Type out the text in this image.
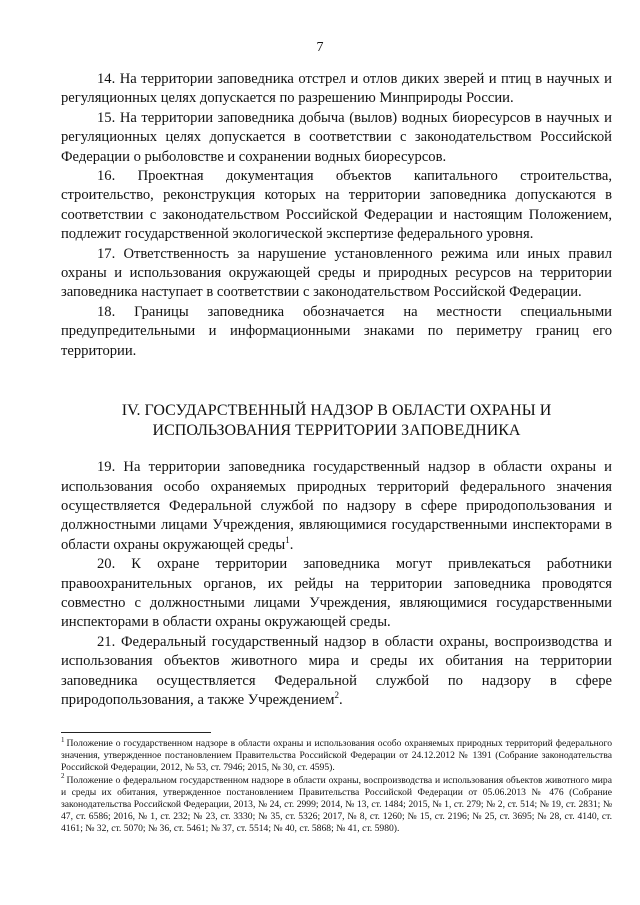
7

14. На территории заповедника отстрел и отлов диких зверей и птиц в научных и регуляционных целях допускается по разрешению Минприроды России.

15. На территории заповедника добыча (вылов) водных биоресурсов в научных и регуляционных целях допускается в соответствии с законодательством Российской Федерации о рыболовстве и сохранении водных биоресурсов.

16. Проектная документация объектов капитального строительства, строительство, реконструкция которых на территории заповедника допускаются в соответствии с законодательством Российской Федерации и настоящим Положением, подлежит государственной экологической экспертизе федерального уровня.

17. Ответственность за нарушение установленного режима или иных правил охраны и использования окружающей среды и природных ресурсов на территории заповедника наступает в соответствии с законодательством Российской Федерации.

18. Границы заповедника обозначается на местности специальными предупредительными и информационными знаками по периметру границ его территории.

IV. ГОСУДАРСТВЕННЫЙ НАДЗОР В ОБЛАСТИ ОХРАНЫ И ИСПОЛЬЗОВАНИЯ ТЕРРИТОРИИ ЗАПОВЕДНИКА

19. На территории заповедника государственный надзор в области охраны и использования особо охраняемых природных территорий федерального значения осуществляется Федеральной службой по надзору в сфере природопользования и должностными лицами Учреждения, являющимися государственными инспекторами в области охраны окружающей среды$^1$.

20. К охране территории заповедника могут привлекаться работники правоохранительных органов, их рейды на территории заповедника проводятся совместно с должностными лицами Учреждения, являющимися государственными инспекторами в области охраны окружающей среды.

21. Федеральный государственный надзор в области охраны, воспроизводства и использования объектов животного мира и среды их обитания на территории заповедника осуществляется Федеральной службой по надзору в сфере природопользования, а также Учреждением$^2$.

$^1$ Положение о государственном надзоре в области охраны и использования особо охраняемых природных территорий федерального значения, утвержденное постановлением Правительства Российской Федерации от 24.12.2012 № 1391 (Собрание законодательства Российской Федерации, 2012, № 53, ст. 7946; 2015, № 30, ст. 4595).

$^2$ Положение о федеральном государственном надзоре в области охраны, воспроизводства и использования объектов животного мира и среды их обитания, утвержденное постановлением Правительства Российской Федерации от 05.06.2013 № 476 (Собрание законодательства Российской Федерации, 2013, № 24, ст. 2999; 2014, № 13, ст. 1484; 2015, № 1, ст. 279; № 2, ст. 514; № 19, ст. 2831; № 47, ст. 6586; 2016, № 1, ст. 232; № 23, ст. 3330; № 35, ст. 5326; 2017, № 8, ст. 1260; № 15, ст. 2196; № 25, ст. 3695; № 28, ст. 4140, ст. 4161; № 32, ст. 5070; № 36, ст. 5461; № 37, ст. 5514; № 40, ст. 5868; № 41, ст. 5980).
